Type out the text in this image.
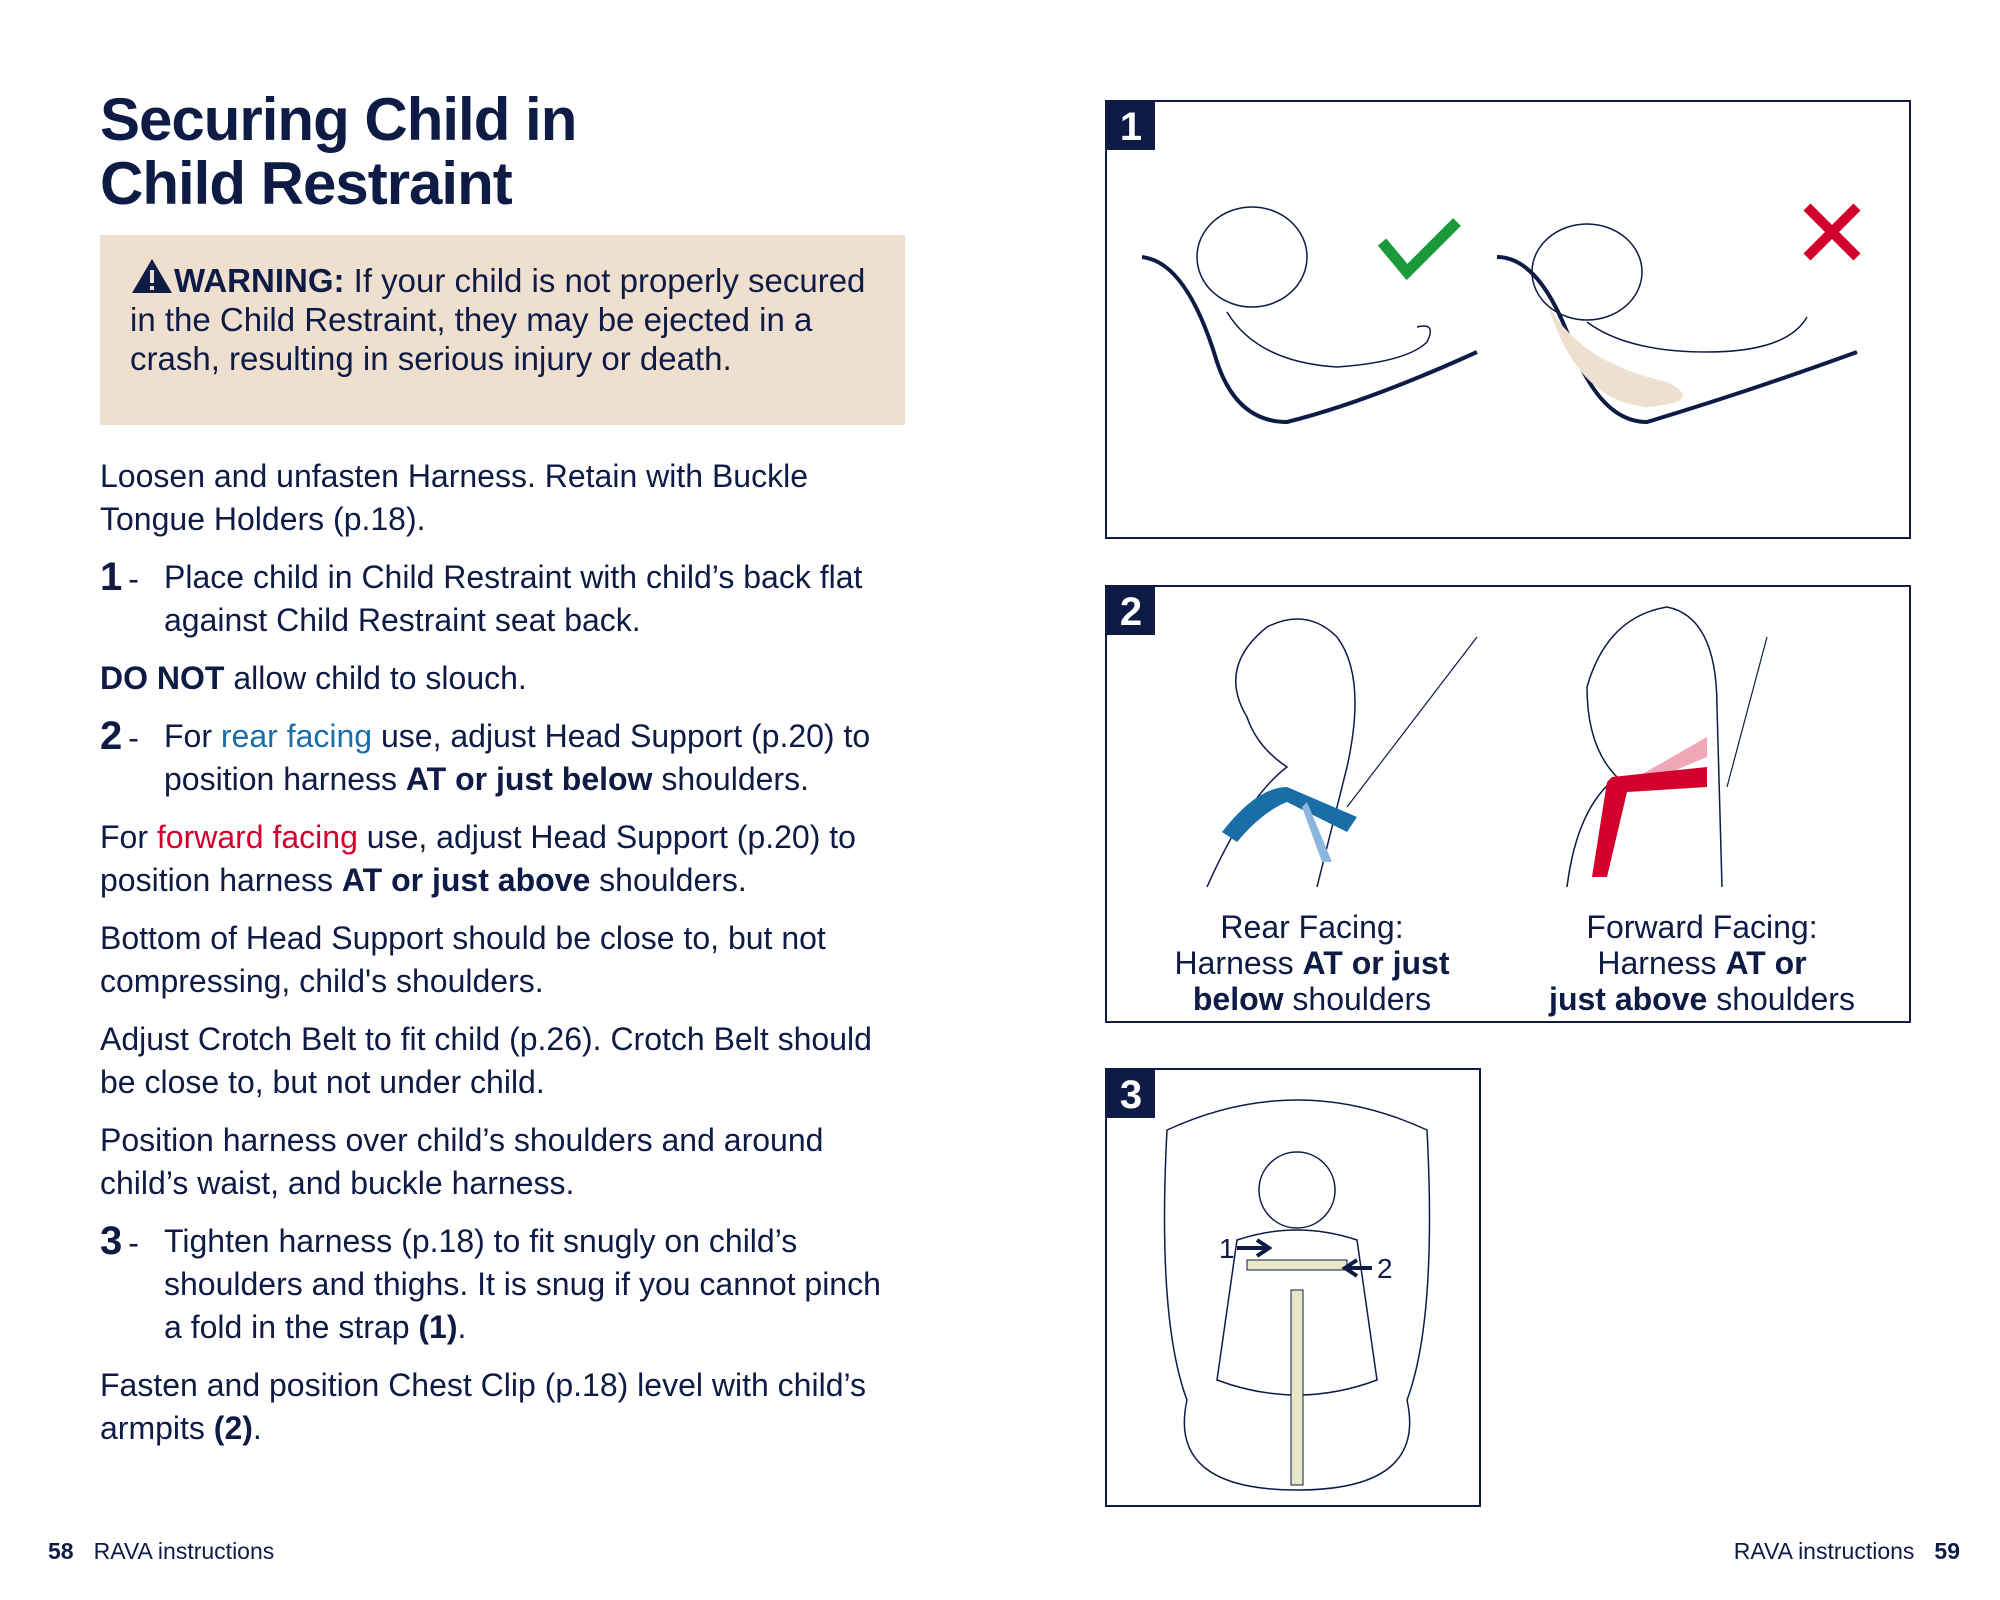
Securing Child in
Child Restraint
WARNING: If your child is not properly secured in the Child Restraint, they may be ejected in a crash, resulting in serious injury or death.

Loosen and unfasten Harness. Retain with Buckle Tongue Holders (p.18).

1 - Place child in Child Restraint with child’s back flat against Child Restraint seat back.

DO NOT allow child to slouch.

2 - For rear facing use, adjust Head Support (p.20) to position harness AT or just below shoulders.

For forward facing use, adjust Head Support (p.20) to position harness AT or just above shoulders.

Bottom of Head Support should be close to, but not compressing, child's shoulders.

Adjust Crotch Belt to fit child (p.26). Crotch Belt should be close to, but not under child.

Position harness over child’s shoulders and around child’s waist, and buckle harness.

3 - Tighten harness (p.18) to fit snugly on child’s shoulders and thighs. It is snug if you cannot pinch a fold in the strap (1).

Fasten and position Chest Clip (p.18) level with child’s armpits (2).

1
2
Rear Facing:
Harness AT or just
below shoulders
Forward Facing:
Harness AT or
just above shoulders
3
1
2
58 RAVA instructions	RAVA instructions 59
